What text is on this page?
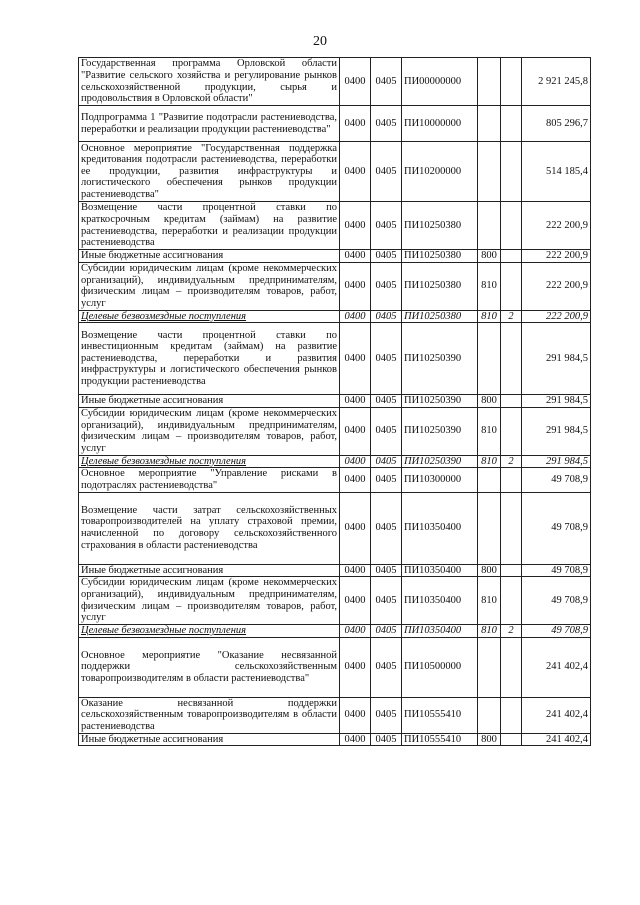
20
Государственная программа Орловской области "Развитие сельского хозяйства и регулирование рынков сельскохозяйственной продукции, сырья и продовольствия в Орловской области"	0400	0405	ПИ00000000			2 921 245,8
Подпрограмма 1 "Развитие подотрасли растениеводства, переработки и реализации продукции растениеводства"	0400	0405	ПИ10000000			805 296,7
Основное мероприятие "Государственная поддержка кредитования подотрасли растениеводства, переработки ее продукции, развития инфраструктуры и логистического обеспечения рынков продукции растениеводства"	0400	0405	ПИ10200000			514 185,4
Возмещение части процентной ставки по краткосрочным кредитам (займам) на развитие растениеводства, переработки и реализации продукции растениеводства	0400	0405	ПИ10250380			222 200,9
Иные бюджетные ассигнования	0400	0405	ПИ10250380	800		222 200,9
Субсидии юридическим лицам (кроме некоммерческих организаций), индивидуальным предпринимателям, физическим лицам – производителям товаров, работ, услуг	0400	0405	ПИ10250380	810		222 200,9
Целевые безвозмездные поступления	0400	0405	ПИ10250380	810	2	222 200,9
Возмещение части процентной ставки по инвестиционным кредитам (займам) на развитие растениеводства, переработки и развития инфраструктуры и логистического обеспечения рынков продукции растениеводства	0400	0405	ПИ10250390			291 984,5
Иные бюджетные ассигнования	0400	0405	ПИ10250390	800		291 984,5
Субсидии юридическим лицам (кроме некоммерческих организаций), индивидуальным предпринимателям, физическим лицам – производителям товаров, работ, услуг	0400	0405	ПИ10250390	810		291 984,5
Целевые безвозмездные поступления	0400	0405	ПИ10250390	810	2	291 984,5
Основное мероприятие "Управление рисками в подотраслях растениеводства"	0400	0405	ПИ10300000			49 708,9
Возмещение части затрат сельскохозяйственных товаропроизводителей на уплату страховой премии, начисленной по договору сельскохозяйственного страхования в области растениеводства	0400	0405	ПИ10350400			49 708,9
Иные бюджетные ассигнования	0400	0405	ПИ10350400	800		49 708,9
Субсидии юридическим лицам (кроме некоммерческих организаций), индивидуальным предпринимателям, физическим лицам – производителям товаров, работ, услуг	0400	0405	ПИ10350400	810		49 708,9
Целевые безвозмездные поступления	0400	0405	ПИ10350400	810	2	49 708,9
Основное мероприятие "Оказание несвязанной поддержки сельскохозяйственным товаропроизводителям в области растениеводства"	0400	0405	ПИ10500000			241 402,4
Оказание несвязанной поддержки сельскохозяйственным товаропроизводителям в области растениеводства	0400	0405	ПИ10555410			241 402,4
Иные бюджетные ассигнования	0400	0405	ПИ10555410	800		241 402,4
